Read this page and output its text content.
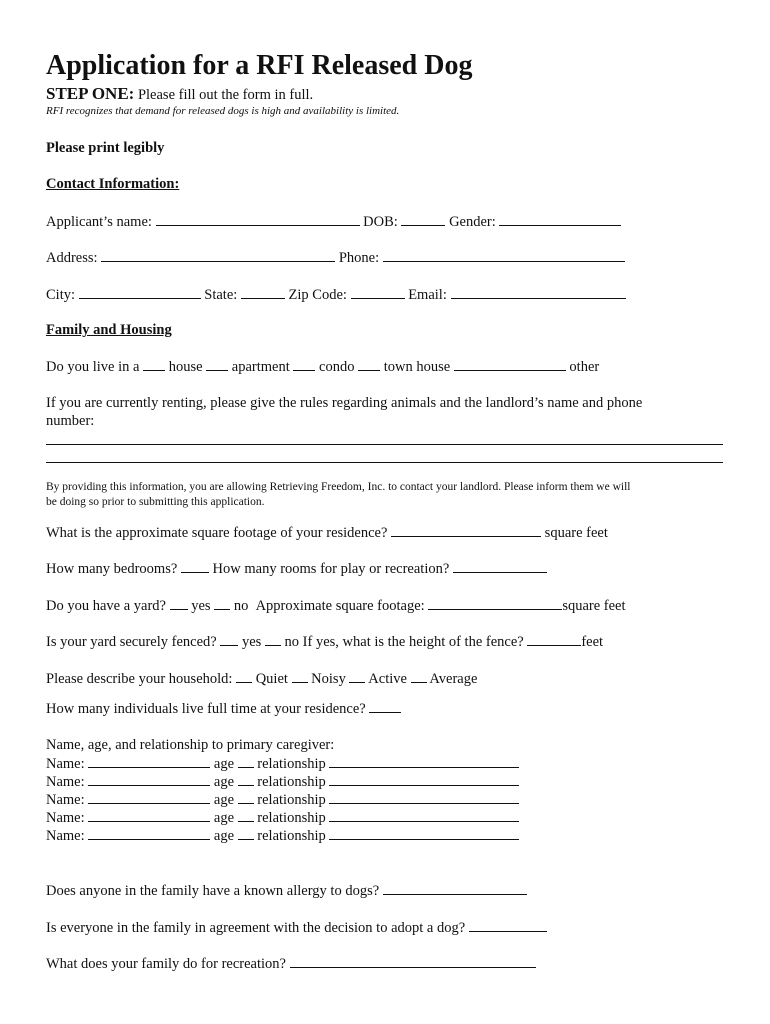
Application for a RFI Released Dog
STEP ONE: Please fill out the form in full.
RFI recognizes that demand for released dogs is high and availability is limited.
Please print legibly
Contact Information:
Applicant’s name:	DOB:	Gender:
Address:	Phone:
City:	State:	Zip Code:	Email:
Family and Housing
Do you live in a house apartment condo town house	other
If you are currently renting, please give the rules regarding animals and the landlord’s name and phone
number:
By providing this information, you are allowing Retrieving Freedom, Inc. to contact your landlord. Please inform them we will
be doing so prior to submitting this application.
What is the approximate square footage of your residence?	square feet
How many bedrooms? How many rooms for play or recreation?
Do you have a yard? yes no Approximate square footage:	square feet
Is your yard securely fenced? yes no If yes, what is the height of the fence?	feet
Please describe your household: Quiet Noisy Active Average
How many individuals live full time at your residence?
Name, age, and relationship to primary caregiver:
Name:	age relationship
Name:	age relationship
Name:	age relationship
Name:	age relationship
Name:	age relationship
Does anyone in the family have a known allergy to dogs?
Is everyone in the family in agreement with the decision to adopt a dog?
What does your family do for recreation?
